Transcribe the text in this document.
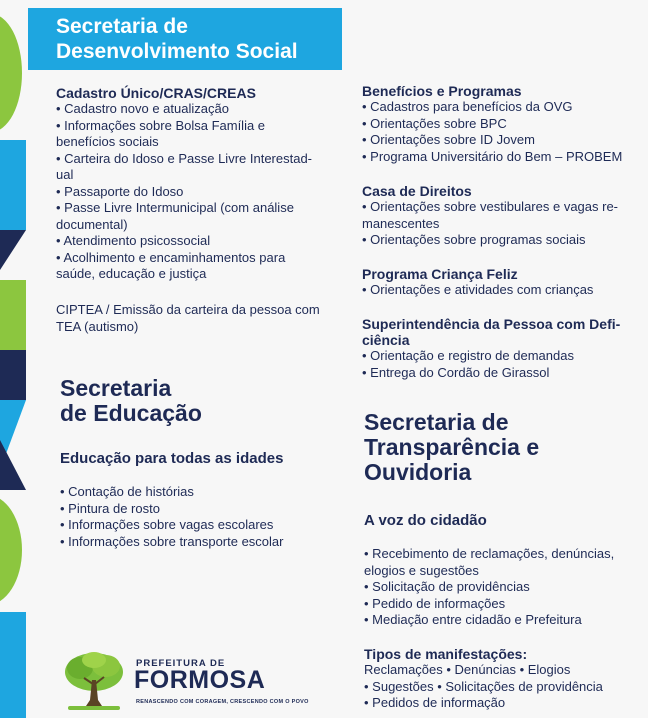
Secretaria de
Desenvolvimento Social
Cadastro Único/CRAS/CREAS
• Cadastro novo e atualização
• Informações sobre Bolsa Família e
benefícios sociais
• Carteira do Idoso e Passe Livre Interestad-
ual
• Passaporte do Idoso
• Passe Livre Intermunicipal (com análise
documental)
• Atendimento psicossocial
• Acolhimento e encaminhamentos para
saúde, educação e justiça
CIPTEA / Emissão da carteira da pessoa com
TEA (autismo)
Secretaria
de Educação
Educação para todas as idades
• Contação de histórias
• Pintura de rosto
• Informações sobre vagas escolares
• Informações sobre transporte escolar
Benefícios e Programas
• Cadastros para benefícios da OVG
• Orientações sobre BPC
• Orientações sobre ID Jovem
• Programa Universitário do Bem – PROBEM
Casa de Direitos
• Orientações sobre vestibulares e vagas re-
manescentes
• Orientações sobre programas sociais
Programa Criança Feliz
• Orientações e atividades com crianças
Superintendência da Pessoa com Defi-
ciência
• Orientação e registro de demandas
• Entrega do Cordão de Girassol
Secretaria de
Transparência e
Ouvidoria
A voz do cidadão
• Recebimento de reclamações, denúncias,
elogios e sugestões
• Solicitação de providências
• Pedido de informações
• Mediação entre cidadão e Prefeitura
Tipos de manifestações:
Reclamações • Denúncias • Elogios
• Sugestões • Solicitações de providência
• Pedidos de informação
PREFEITURA DE
FORMOSA
RENASCENDO COM CORAGEM, CRESCENDO COM O POVO
